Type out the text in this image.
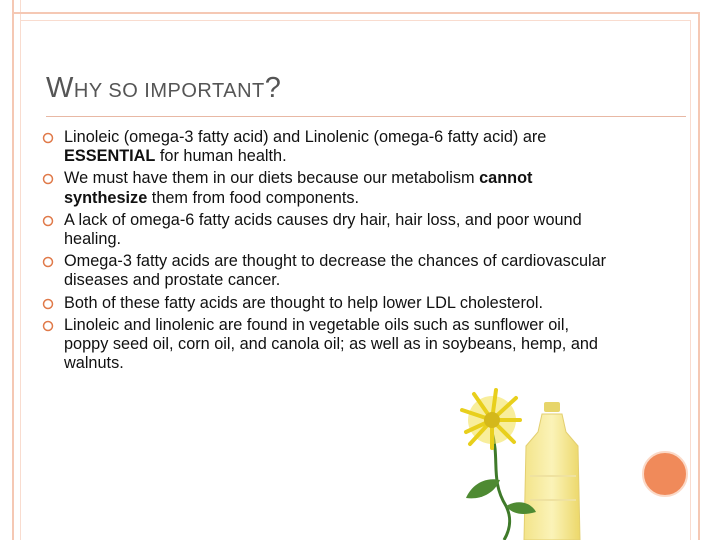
WHY SO IMPORTANT?
Linoleic (omega-3 fatty acid) and Linolenic (omega-6 fatty acid) are ESSENTIAL for human health.
We must have them in our diets because our metabolism cannot synthesize them from food components.
A lack of omega-6 fatty acids causes dry hair, hair loss, and poor wound healing.
Omega-3 fatty acids are thought to decrease the chances of cardiovascular diseases and prostate cancer.
Both of these fatty acids are thought to help lower LDL cholesterol.
Linoleic and linolenic are found in vegetable oils such as sunflower oil, poppy seed oil, corn oil, and canola oil; as well as in soybeans, hemp, and walnuts.
